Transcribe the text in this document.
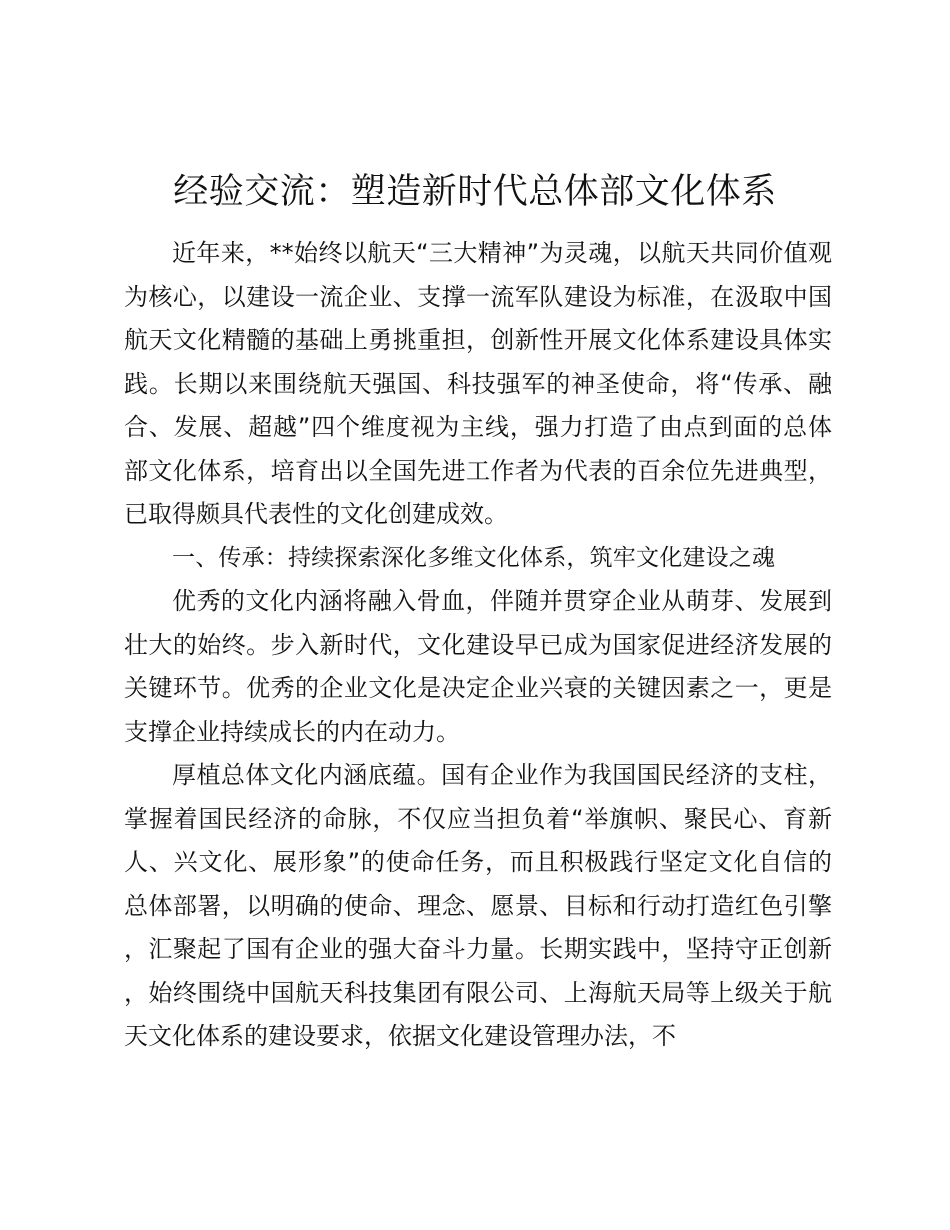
经验交流：塑造新时代总体部文化体系

近年来，**始终以航天“三大精神”为灵魂，以航天共同价值观为核心，以建设一流企业、支撑一流军队建设为标准，在汲取中国航天文化精髓的基础上勇挑重担，创新性开展文化体系建设具体实践。长期以来围绕航天强国、科技强军的神圣使命，将“传承、融合、发展、超越”四个维度视为主线，强力打造了由点到面的总体部文化体系，培育出以全国先进工作者为代表的百余位先进典型，已取得颇具代表性的文化创建成效。

一、传承：持续探索深化多维文化体系，筑牢文化建设之魂

优秀的文化内涵将融入骨血，伴随并贯穿企业从萌芽、发展到壮大的始终。步入新时代，文化建设早已成为国家促进经济发展的关键环节。优秀的企业文化是决定企业兴衰的关键因素之一，更是支撑企业持续成长的内在动力。

厚植总体文化内涵底蕴。国有企业作为我国国民经济的支柱，掌握着国民经济的命脉，不仅应当担负着“举旗帜、聚民心、育新人、兴文化、展形象”的使命任务，而且积极践行坚定文化自信的总体部署，以明确的使命、理念、愿景、目标和行动打造红色引擎，汇聚起了国有企业的强大奋斗力量。长期实践中，坚持守正创新，始终围绕中国航天科技集团有限公司、上海航天局等上级关于航天文化体系的建设要求，依据文化建设管理办法，不
